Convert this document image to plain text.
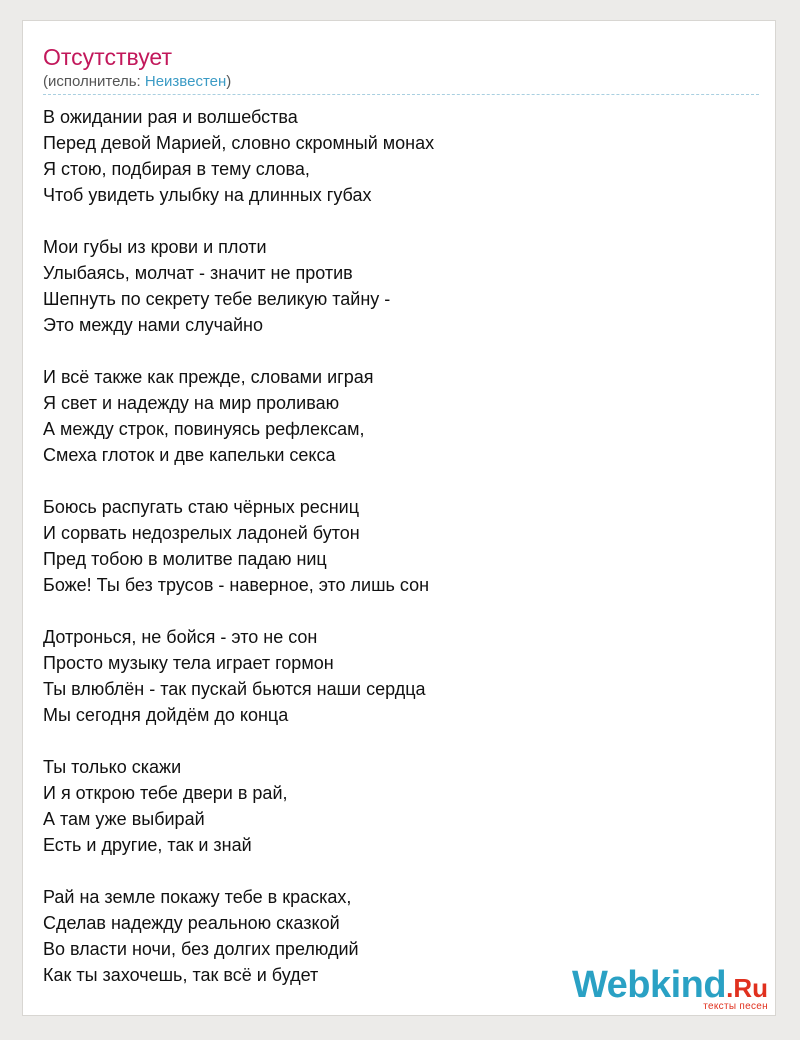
Отсутствует
(исполнитель: Неизвестен)
В ожидании рая и волшебства
Перед девой Марией, словно скромный монах
Я стою, подбирая в тему слова,
Чтоб увидеть улыбку на длинных губах
Мои губы из крови и плоти
Улыбаясь, молчат - значит не против
Шепнуть по секрету тебе великую тайну -
Это между нами случайно
И всё также как прежде, словами играя
Я свет и надежду на мир проливаю
А между строк, повинуясь рефлексам,
Смеха глоток и две капельки секса
Боюсь распугать стаю чёрных ресниц
И сорвать недозрелых ладоней бутон
Пред тобою в молитве падаю ниц
Боже! Ты без трусов - наверное, это лишь сон
Дотронься, не бойся - это не сон
Просто музыку тела играет гормон
Ты влюблён - так пускай бьются наши сердца
Мы сегодня дойдём до конца
Ты только скажи
И я открою тебе двери в рай,
А там уже выбирай
Есть и другие, так и знай
Рай на земле покажу тебе в красках,
Сделав надежду реальною сказкой
Во власти ночи, без долгих прелюдий
Как ты захочешь, так всё и будет	Webkind.Ru
тексты песен
